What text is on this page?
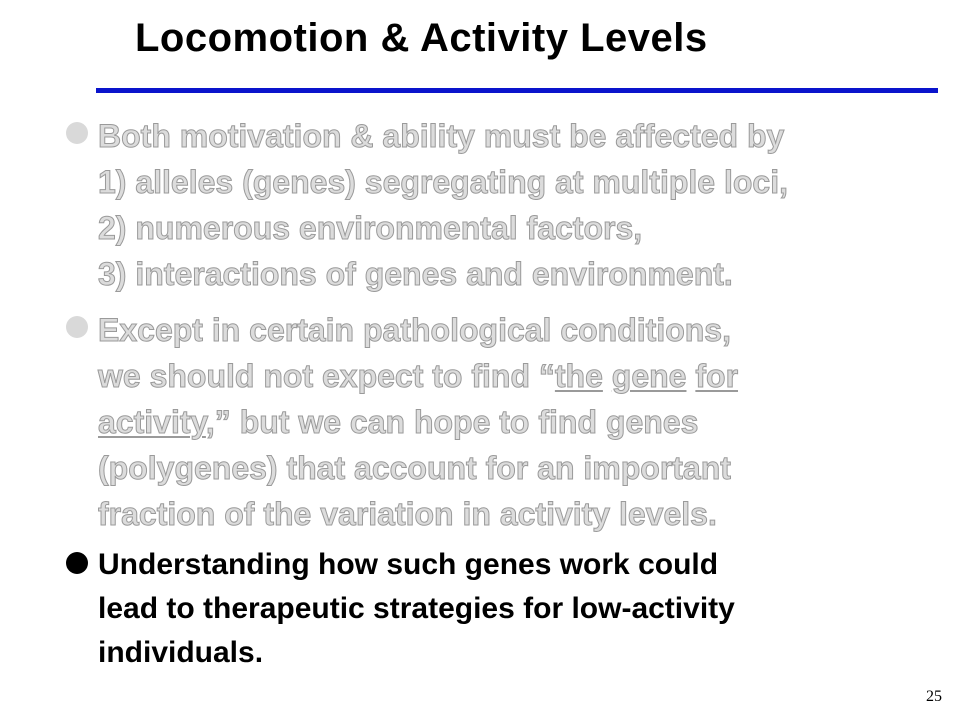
Locomotion & Activity Levels
Both motivation & ability must be affected by
1) alleles (genes) segregating at multiple loci,
2) numerous environmental factors,
3) interactions of genes and environment.
Except in certain pathological conditions,
we should not expect to find “the gene for
activity,” but we can hope to find genes
(polygenes) that account for an important
fraction of the variation in activity levels.
Understanding how such genes work could
lead to therapeutic strategies for low-activity
individuals.
25
